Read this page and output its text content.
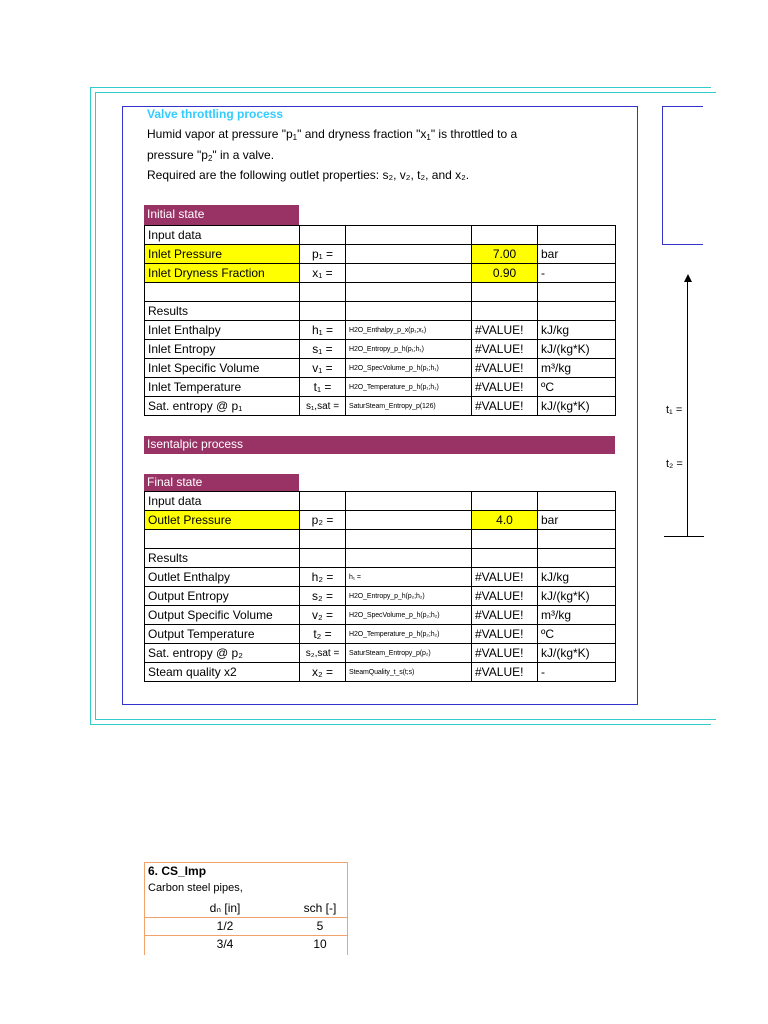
t₁ =
t₂ =
Valve throttling process
Humid vapor at pressure "$p_1$" and dryness fraction "$x_1$" is throttled to a
pressure "$p_2$" in a valve.
Required are the following outlet properties: s₂, v₂, t₂, and x₂.
Initial state
Input data				
Inlet Pressure	p₁ =		7.00	bar
Inlet Dryness Fraction	x₁ =		0.90	-

Results				
Inlet Enthalpy	h₁ =	H2O_Enthalpy_p_x(p₁;x₁)	#VALUE!	kJ/kg
Inlet Entropy	s₁ =	H2O_Entropy_p_h(p₁;h₁)	#VALUE!	kJ/(kg*K)
Inlet Specific Volume	v₁ =	H2O_SpecVolume_p_h(p₁;h₁)	#VALUE!	m³/kg
Inlet Temperature	t₁ =	H2O_Temperature_p_h(p₁;h₁)	#VALUE!	ºC
Sat. entropy @ p₁	s₁,sat =	SaturSteam_Entropy_p(126)	#VALUE!	kJ/(kg*K)
Isentalpic process
Final state
Input data				
Outlet Pressure	p₂ =		4.0	bar

Results				
Outlet Enthalpy	h₂ =	h₁ =	#VALUE!	kJ/kg
Output Entropy	s₂ =	H2O_Entropy_p_h(p₂;h₂)	#VALUE!	kJ/(kg*K)
Output Specific Volume	v₂ =	H2O_SpecVolume_p_h(p₂;h₂)	#VALUE!	m³/kg
Output Temperature	t₂ =	H2O_Temperature_p_h(p₂;h₂)	#VALUE!	ºC
Sat. entropy @ p₂	s₂,sat =	SaturSteam_Entropy_p(p₂)	#VALUE!	kJ/(kg*K)
Steam quality x2	x₂ =	SteamQuality_t_s(t;s)	#VALUE!	-
6. CS_Imp
Carbon steel pipes,
dₙ [in]	sch [-]
1/2	5
3/4	10
